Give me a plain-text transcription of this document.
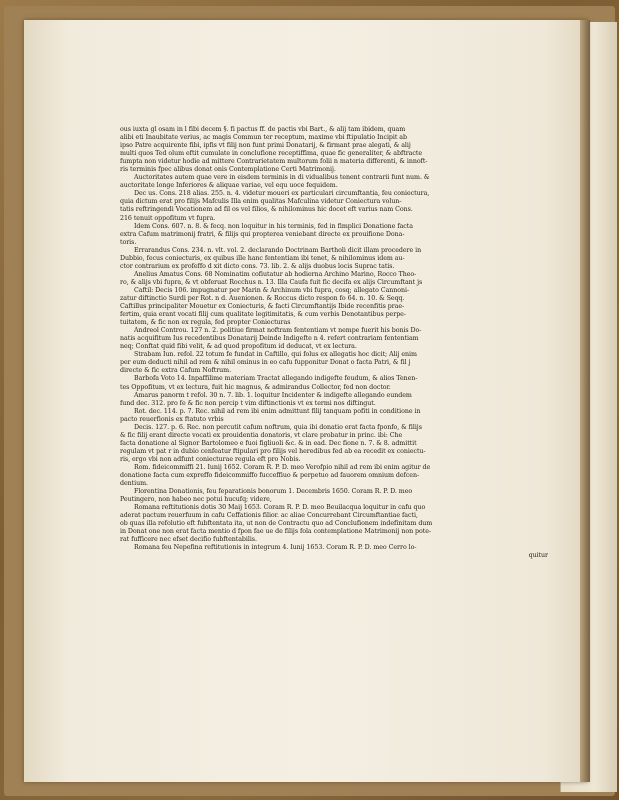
ous iuxta gl osam in l fibi decem §. fi pactus ff. de pactis vbi Bart., & alij tam ibidem, quam
alibi eti Inaubitate verius, ac magis Commun ter receptum, maxime vbi ftipulatio Incipit ab
ipso Patre acquirente fibi, ipfis vt filij non funt primi Donatarij, & firmant prae alegati, & alij
multi quos Ted olum eftit cumulate in conclufione receptiffima, quae fic generaliter, & abftracte
fumpta non videtur hodie ad mittere Contrarietatem multorum folii n materia differenti, & innoft-
ris terminis fpec alibus donat onis Contemplatione Certi Matrimonij.
Auctoritates autem quae vere in eisdem terminis in di vidualibus tenent contrarii funt num. &
auctoritate longe Inferiores & aliquae variae, vel equ uoce fequidem.
Dec us. Cons. 218 alias. 255. n. 4. videtur moueri ex particulari circumftantia, feu coniectura,
quia dictum erat pro filijs Mafculis Illa enim qualitas Mafculina videtur Coniectura volun-
tatis reftringendi Vocationem ad fil os vel filios, & nihilominus hic docet eft varius nam Cons.
216 tenuit oppofitum vt fupra.
Idem Cons. 607. n. 8. & fecq. non loquitur in his terminis, fed in fimplici Donatione facta
extra Cafum matrimonij fratri, & filijs qui propterea veniebant directe ex prouifione Dona-
toris.
Errarandus Cons. 234. n. vlt. vol. 2. declarando Doctrinam Bartholi dicit illam procedere in
Dubbio, fecus coniecturis, ex quibus ille hanc fententiam ibi tenet, & nihilominus idem au-
ctor contrarium ex profeffo d xit dicto cons. 73. lib. 2. & alijs duobus locis Suprac tatis.
Anelius Amatus Cons. 68 Nominatim cofiutatur ab hodierna Archino Marino, Rocco Theo-
ro, & alijs vbi fupra, & vt obferuat Rocchus n. 13. Illa Caufa fuit fic decifa ex alijs Circumftant js
Caftil: Decis 106. impugnatur per Marin & Archinum vbi fupra, cosq; allegato Cannoni-
zatur diftinctio Surdi per Rot. n d. Auenionen. & Roccus dicto respon fo 64. n. 10. & Seqq.
Caftillus principaliter Mouetur ex Coniecturis, & facti Circumftantijs Ibide recenfitis prae-
fertim, quia erant vocati filij cum qualitate legitimitatis, & cum verbis Denotantibus perpe-
tuitatem, & fic non ex regula, fed propter Coniecturas
Andreol Controu. 127 n. 2. politiue firmat noftram fententiam vt nempe fuerit his bonis Do-
natis acquifitum Ius recedentibus Donatarij Deinde Indigefte n 4. refert contrariam fententiam
neq; Conftat quid fibi velit, & ad quod propofitum id deducat, vt ex lectura.
Strabam Iun. refol. 22 totum fe fundat in Caftillo, qui folus ex allegatis hoc dicit; Alij enim
per eum deducti nihil ad rem & nihil ominus in eo cafu fupponitur Donat o facta Patri, & fil j
directe & fic extra Cafum Noftrum.
Barbofa Voto 14. Inpaffilime materiam Tractat allegando indigefte feudum, & alios Tenen-
tes Oppofitum, vt ex lectura, fuit hic magnus, & admirandus Collector, fed non doctor.
Amarus panorm t refol. 30 n. 7. lib. 1. loquitur Incidenter & indigefte allegando eundem
fund dec. 312. pro fe & fic non percip t vim diftinctionis vt ex termi nos diftingut.
Rot. dec. 114. p. 7. Rec. nihil ad rem ibi enim admittunt filij tanquam pofiti in conditione in
pacto reuerfionis ex ftatuto vrbis
Decis. 127. p. 6. Rec. non percutit cafum noftrum, quia ibi donatio erat facta fponfo, & filijs
& fic filij erant directe vocati ex prouidentia donatoris, vt clare probatur in princ. ibi: Che
facta donatione al Signor Bartolomeo e fuoi figliuoli &c. & in ead. Dec fione n. 7. & 8. admittit
regulam vt pat r in dubio cenfeatur ftipulari pro filijs vel heredibus fed ab ea recedit ex coniectu-
ris, ergo vbi non adfunt coniecturae regula eft pro Nobis.
Rom. fideicommiffi 21. Iunij 1652. Coram R. P. D. meo Verofpio nihil ad rem ibi enim agitur de
donatione facta cum expreffo fideicommiffo fucceffiuo & perpetuo ad fauorem omnium defcen-
dentium.
Florentina Donationis, feu feparationis bonorum 1. Decembris 1650. Coram R. P. D. meo
Peutingero, non habeo nec potui hucufq; videre,
Romana reftitutionis dotis 30 Maij 1653. Coram R. P. D. meo Beuilacqua loquitur in cafu quo
aderat pactum reuerfuum in cafu Ceffationis filior. ac aliae Concurrebant Circumftantiae facti,
ob quas illa refolutio eft fubftentata ita, ut non de Contractu quo ad Conclufionem indefinitam dum
in Donat one non erat facta mentio d fpon fae ue de filijs fola contemplatione Matrimonij non pote-
rat fufficere nec efset decifio fubftentabilis.
Romana feu Nepefina reftitutionis in integrum 4. Iunij 1653. Coram R. P. D. meo Cerro lo-
quitur
